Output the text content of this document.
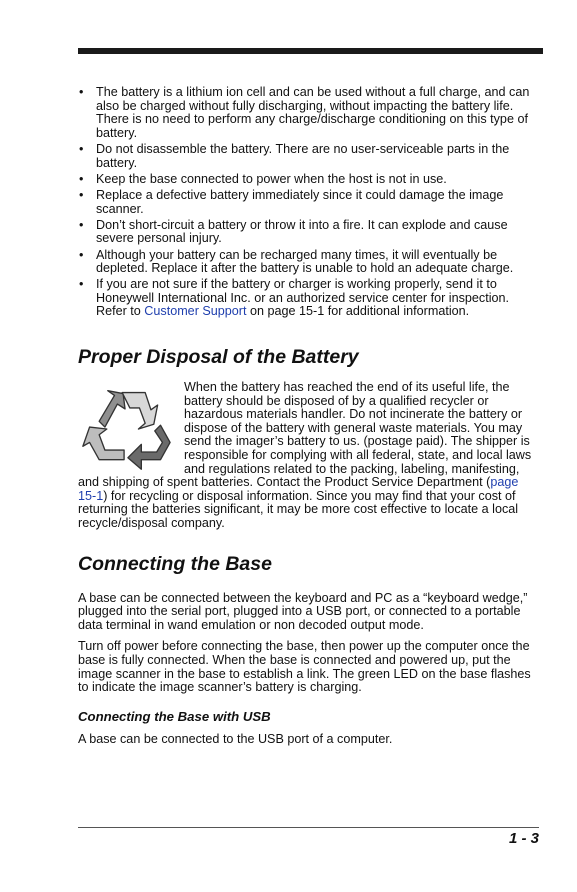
• The battery is a lithium ion cell and can be used without a full charge, and can also be charged without fully discharging, without impacting the battery life. There is no need to perform any charge/discharge conditioning on this type of battery.
• Do not disassemble the battery. There are no user-serviceable parts in the battery.
• Keep the base connected to power when the host is not in use.
• Replace a defective battery immediately since it could damage the image scanner.
• Don’t short-circuit a battery or throw it into a fire. It can explode and cause severe personal injury.
• Although your battery can be recharged many times, it will eventually be depleted. Replace it after the battery is unable to hold an adequate charge.
• If you are not sure if the battery or charger is working properly, send it to Honeywell International Inc. or an authorized service center for inspection. Refer to Customer Support on page 15-1 for additional information.
Proper Disposal of the Battery

When the battery has reached the end of its useful life, the battery should be disposed of by a qualified recycler or hazardous materials handler. Do not incinerate the battery or dispose of the battery with general waste materials. You may send the imager’s battery to us. (postage paid). The shipper is responsible for complying with all federal, state, and local laws and regulations related to the packing, labeling, manifesting, and shipping of spent batteries. Contact the Product Service Department (page 15-1) for recycling or disposal information. Since you may find that your cost of returning the batteries significant, it may be more cost effective to locate a local recycle/disposal company.

Connecting the Base

A base can be connected between the keyboard and PC as a “keyboard wedge,” plugged into the serial port, plugged into a USB port, or connected to a portable data terminal in wand emulation or non decoded output mode.

Turn off power before connecting the base, then power up the computer once the base is fully connected. When the base is connected and powered up, put the image scanner in the base to establish a link. The green LED on the base flashes to indicate the image scanner’s battery is charging.

Connecting the Base with USB

A base can be connected to the USB port of a computer.

1 - 3
